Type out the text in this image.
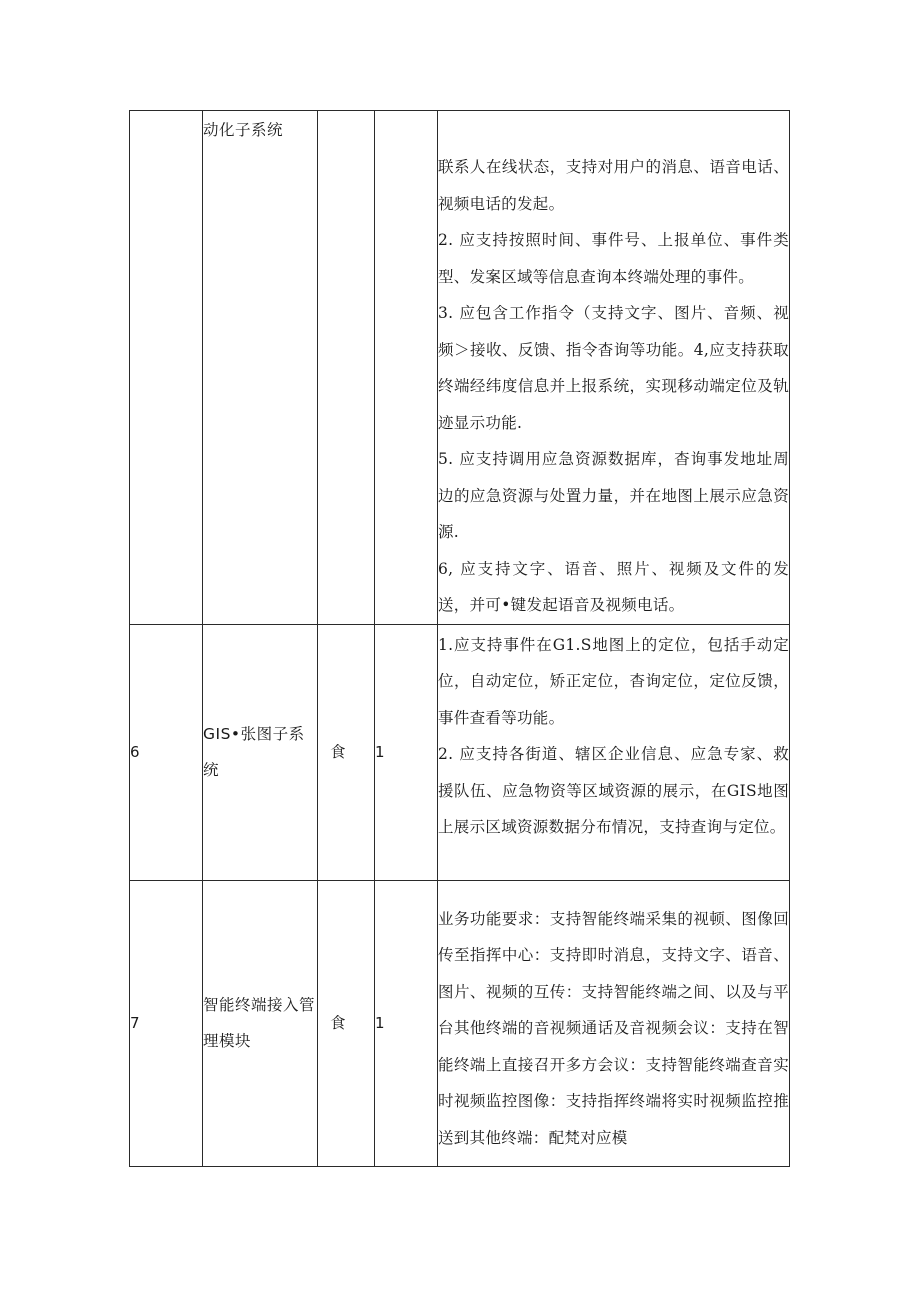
	动化子系统			联系人在线状态，支持对用户的消息、语音电话、视频电话的发起。

2. 应支持按照时间、事件号、上报单位、事件类型、发案区域等信息查询本终端处理的事件。

3. 应包含工作指令（支持文字、图片、音频、视频＞接收、反馈、指令杳询等功能。4,应支持获取终端经纬度信息并上报系统，实现移动端定位及轨迹显示功能.

5. 应支持调用应急资源数据库，杳询事发地址周边的应急资源与处置力量，并在地图上展示应急资源.

6, 应支持文字、语音、照片、视频及文件的发送，并可•键发起语音及视频电话。

6	GIS•张图子系统	食	1	1.应支持事件在G1.S地图上的定位，包括手动定位，自动定位，矫正定位，杳询定位，定位反馈，事件查看等功能。

2. 应支持各街道、辖区企业信息、应急专家、救援队伍、应急物资等区域资源的展示，在GIS地图上展示区域资源数据分布情况，支持查询与定位。

7	智能终端接入管理模块	食	1	业务功能要求：支持智能终端采集的视顿、图像回传至指挥中心：支持即时消息，支持文字、语音、图片、视频的互传：支持智能终端之间、以及与平台其他终端的音视频通话及音视频会议：支持在智能终端上直接召开多方会议：支持智能终端查音实时视频监控图像：支持指挥终端将实时视频监控推送到其他终端：配梵对应模
